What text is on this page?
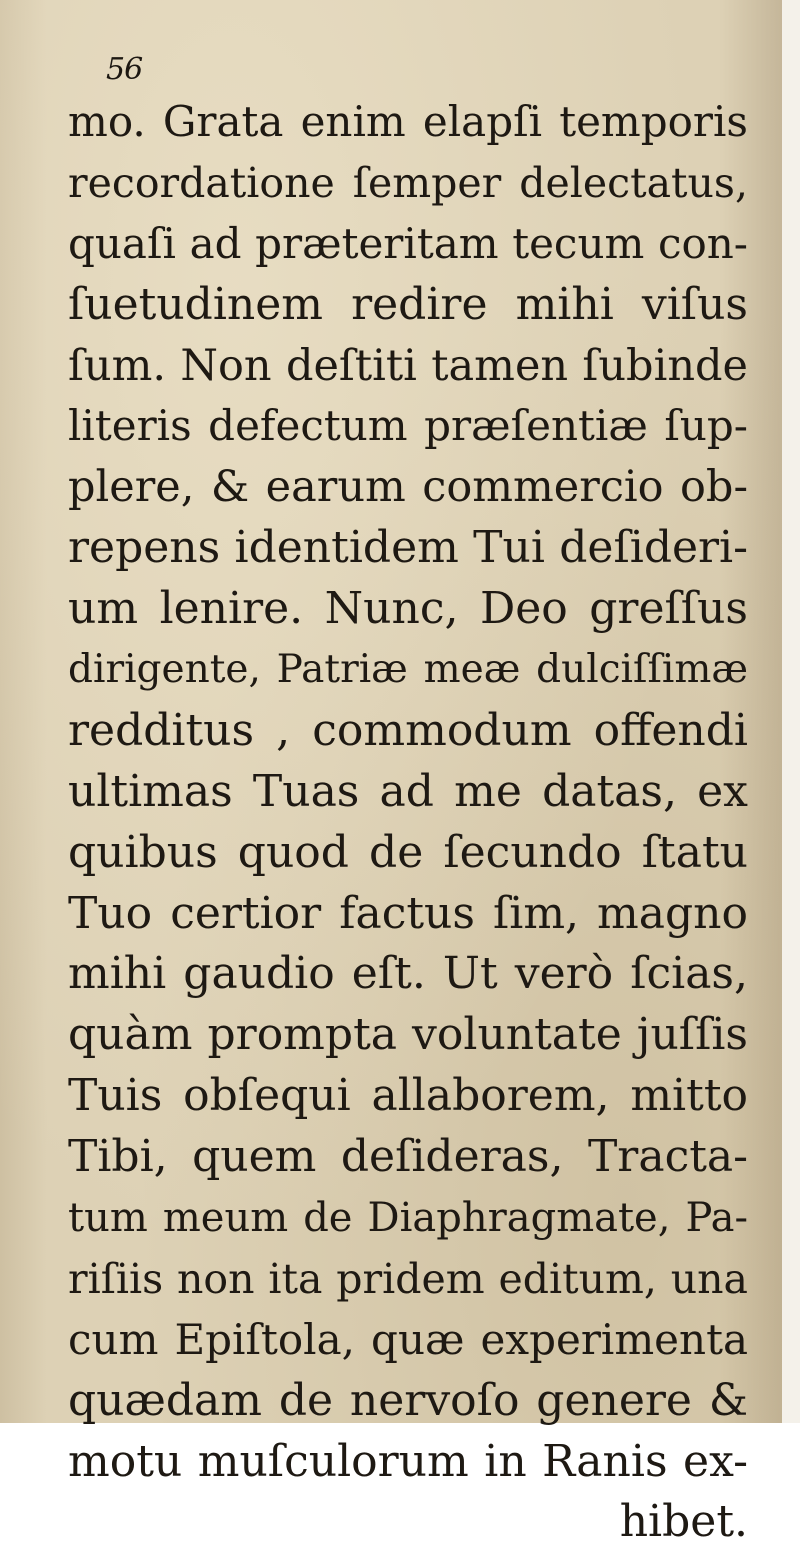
56
mo. Grata enim elapſi temporis
recordatione ſemper delectatus,
quaſi ad præteritam tecum con-
ſuetudinem redire mihi viſus
ſum. Non deſtiti tamen ſubinde
literis defectum præſentiæ ſup-
plere, & earum commercio ob-
repens identidem Tui deſideri-
um lenire. Nunc, Deo greſſus
dirigente, Patriæ meæ dulciſſimæ
redditus , commodum offendi
ultimas Tuas ad me datas, ex
quibus quod de ſecundo ſtatu
Tuo certior factus ſim, magno
mihi gaudio eſt. Ut verò ſcias,
quàm prompta voluntate juſſis
Tuis obſequi allaborem, mitto
Tibi, quem deſideras, Tracta-
tum meum de Diaphragmate, Pa-
riſiis non ita pridem editum, una
cum Epiſtola, quæ experimenta
quædam de nervoſo genere &
motu muſculorum in Ranis ex-
hibet.
